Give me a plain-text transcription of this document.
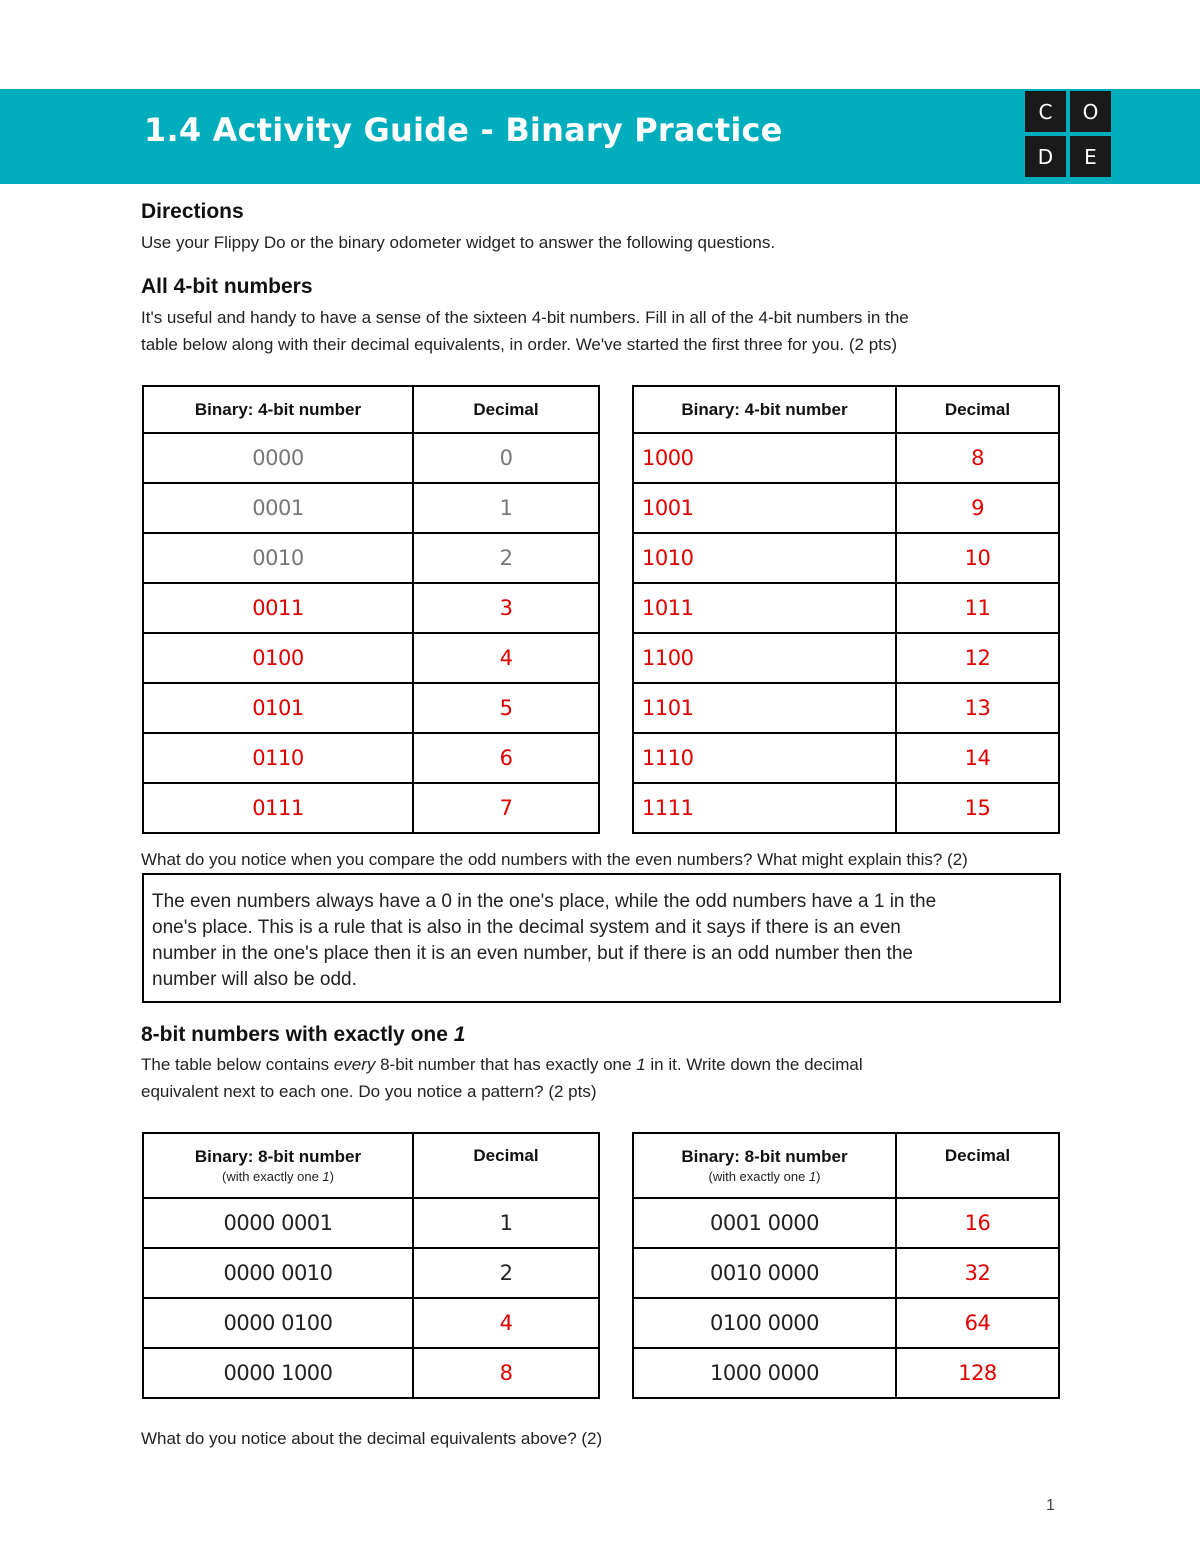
1.4 Activity Guide - Binary Practice	C	O
D	E
Directions
Use your Flippy Do or the binary odometer widget to answer the following questions.
All 4-bit numbers
It's useful and handy to have a sense of the sixteen 4-bit numbers. Fill in all of the 4-bit numbers in the
table below along with their decimal equivalents, in order. We've started the first three for you. (2 pts)
Binary: 4-bit number	Decimal
0000	0
0001	1
0010	2
0011	3
0100	4
0101	5
0110	6
0111	7
Binary: 4-bit number	Decimal
1000	8
1001	9
1010	10
1011	11
1100	12
1101	13
1110	14
1111	15
What do you notice when you compare the odd numbers with the even numbers? What might explain this? (2)
The even numbers always have a 0 in the one's place, while the odd numbers have a 1 in the
one's place. This is a rule that is also in the decimal system and it says if there is an even
number in the one's place then it is an even number, but if there is an odd number then the
number will also be odd.
8-bit numbers with exactly one 1
The table below contains every 8-bit number that has exactly one 1 in it. Write down the decimal
equivalent next to each one. Do you notice a pattern? (2 pts)
Binary: 8-bit number
(with exactly one 1)	Decimal
0000 0001	1
0000 0010	2
0000 0100	4
0000 1000	8
Binary: 8-bit number
(with exactly one 1)	Decimal
0001 0000	16
0010 0000	32
0100 0000	64
1000 0000	128
What do you notice about the decimal equivalents above? (2)
1
